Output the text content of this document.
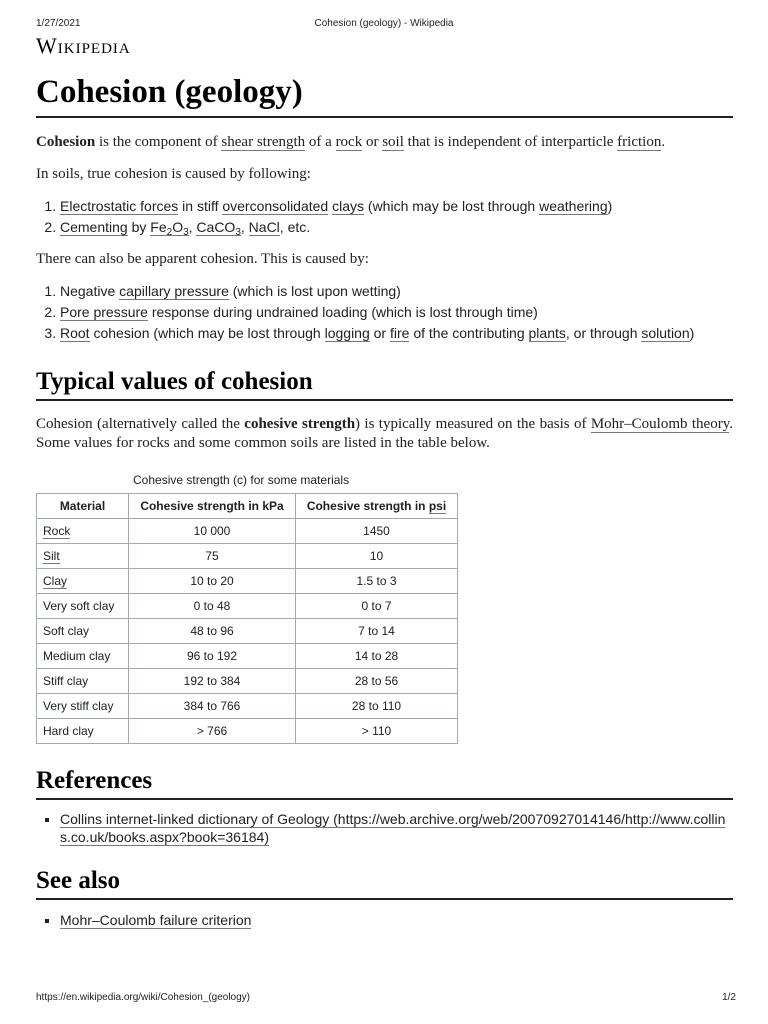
1/27/2021	Cohesion (geology) - Wikipedia
Wikipedia
Cohesion (geology)

Cohesion is the component of shear strength of a rock or soil that is independent of interparticle friction.

In soils, true cohesion is caused by following:

1. Electrostatic forces in stiff overconsolidated clays (which may be lost through weathering)
2. Cementing by $Fe_2O_3$, CaCO$_3$, NaCl, etc.

There can also be apparent cohesion. This is caused by:

1. Negative capillary pressure (which is lost upon wetting)
2. Pore pressure response during undrained loading (which is lost through time)
3. Root cohesion (which may be lost through logging or fire of the contributing plants, or through solution)
Typical values of cohesion

Cohesion (alternatively called the cohesive strength) is typically measured on the basis of Mohr–Coulomb theory. Some values for rocks and some common soils are listed in the table below.

Cohesive strength (c) for some materials
Material	Cohesive strength in kPa	Cohesive strength in psi
Rock	10 000	1450
Silt	75	10
Clay	10 to 20	1.5 to 3
Very soft clay	0 to 48	0 to 7
Soft clay	48 to 96	7 to 14
Medium clay	96 to 192	14 to 28
Stiff clay	192 to 384	28 to 56
Very stiff clay	384 to 766	28 to 110
Hard clay	> 766	> 110
References
▪ Collins internet-linked dictionary of Geology (https://web.archive.org/web/20070927014146/http://www.collins.co.uk/books.aspx?book=36184)
See also
▪ Mohr–Coulomb failure criterion
https://en.wikipedia.org/wiki/Cohesion_(geology)	1/2
